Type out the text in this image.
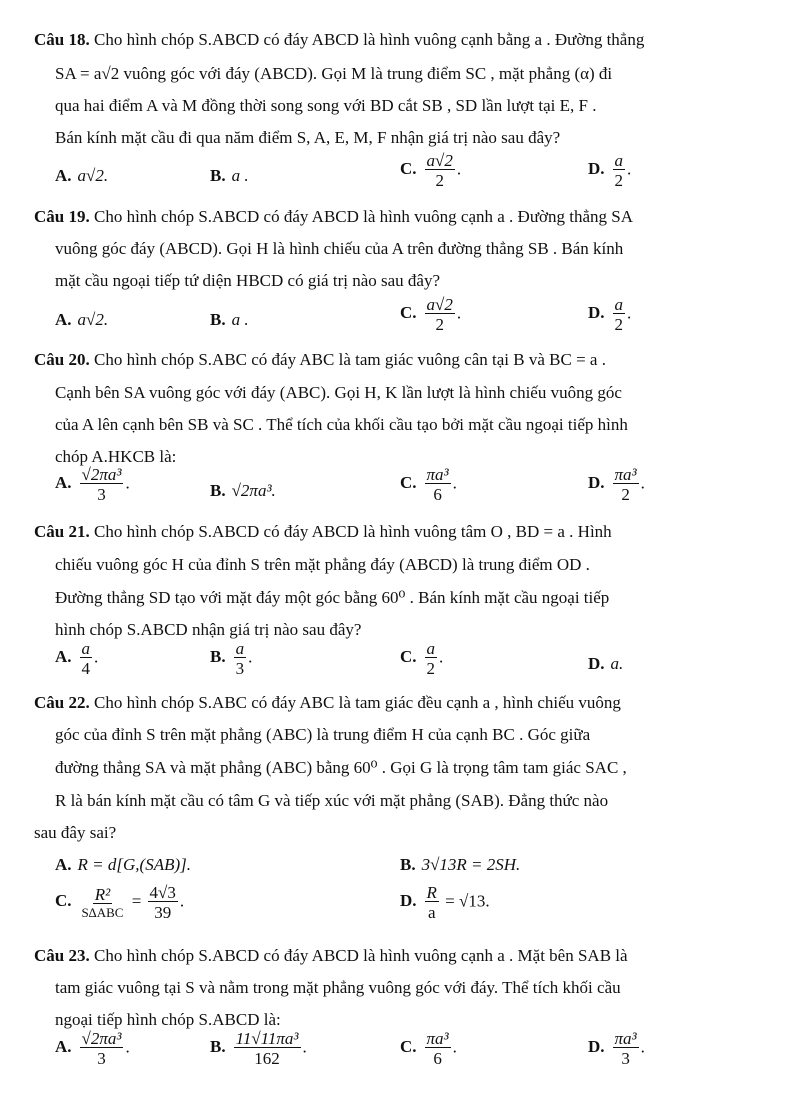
Câu 18. Cho hình chóp S.ABCD có đáy ABCD là hình vuông cạnh bằng a . Đường thẳng
SA = a√2 vuông góc với đáy (ABCD). Gọi M là trung điểm SC , mặt phẳng (α) đi
qua hai điểm A và M đồng thời song song với BD cắt SB , SD lần lượt tại E, F .
Bán kính mặt cầu đi qua năm điểm S, A, E, M, F nhận giá trị nào sau đây?
A. a√2.	B. a .	C. $\frac{a√2}{2}$ .	D. $\frac{a}{2}$ .
Câu 19. Cho hình chóp S.ABCD có đáy ABCD là hình vuông cạnh a . Đường thẳng SA
vuông góc đáy (ABCD). Gọi H là hình chiếu của A trên đường thẳng SB . Bán kính
mặt cầu ngoại tiếp tứ diện HBCD có giá trị nào sau đây?
A. a√2.	B. a .	C. $\frac{a√2}{2}$ .	D. $\frac{a}{2}$ .
Câu 20. Cho hình chóp S.ABC có đáy ABC là tam giác vuông cân tại B và BC = a .
Cạnh bên SA vuông góc với đáy (ABC). Gọi H, K lần lượt là hình chiếu vuông góc
của A lên cạnh bên SB và SC . Thể tích của khối cầu tạo bởi mặt cầu ngoại tiếp hình
chóp A.HKCB là:
A. $\frac{\text{√2πa³}}{3}$ .	B. √2πa³.	C. $\frac{\text{πa³}}{6}$ .	D. $\frac{\text{πa³}}{2}$ .
Câu 21. Cho hình chóp S.ABCD có đáy ABCD là hình vuông tâm O , BD = a . Hình
chiếu vuông góc H của đỉnh S trên mặt phẳng đáy (ABCD) là trung điểm OD .
Đường thẳng SD tạo với mặt đáy một góc bằng 60⁰ . Bán kính mặt cầu ngoại tiếp
hình chóp S.ABCD nhận giá trị nào sau đây?
A. $\frac{a}{4}$ .	B. $\frac{a}{3}$ .	C. $\frac{a}{2}$ .	D. a.
Câu 22. Cho hình chóp S.ABC có đáy ABC là tam giác đều cạnh a , hình chiếu vuông
góc của đỉnh S trên mặt phẳng (ABC) là trung điểm H của cạnh BC . Góc giữa
đường thẳng SA và mặt phẳng (ABC) bằng 60⁰ . Gọi G là trọng tâm tam giác SAC ,
R là bán kính mặt cầu có tâm G và tiếp xúc với mặt phẳng (SAB). Đẳng thức nào
sau đây sai?
A. R = d[G,(SAB)].	B. 3√13R = 2SH.
C. $\frac{\text{R²}}{\text{S∆ABC}} = \frac{4√3}{39}$ .	D. $\frac{R}{a} = √13$.
Câu 23. Cho hình chóp S.ABCD có đáy ABCD là hình vuông cạnh a . Mặt bên SAB là
tam giác vuông tại S và nằm trong mặt phẳng vuông góc với đáy. Thể tích khối cầu
ngoại tiếp hình chóp S.ABCD là:
A. $\frac{\text{√2πa³}}{3}$ .	B. $\frac{\text{11√11πa³}}{162}$ .	C. $\frac{\text{πa³}}{6}$ .	D. $\frac{\text{πa³}}{3}$ .
